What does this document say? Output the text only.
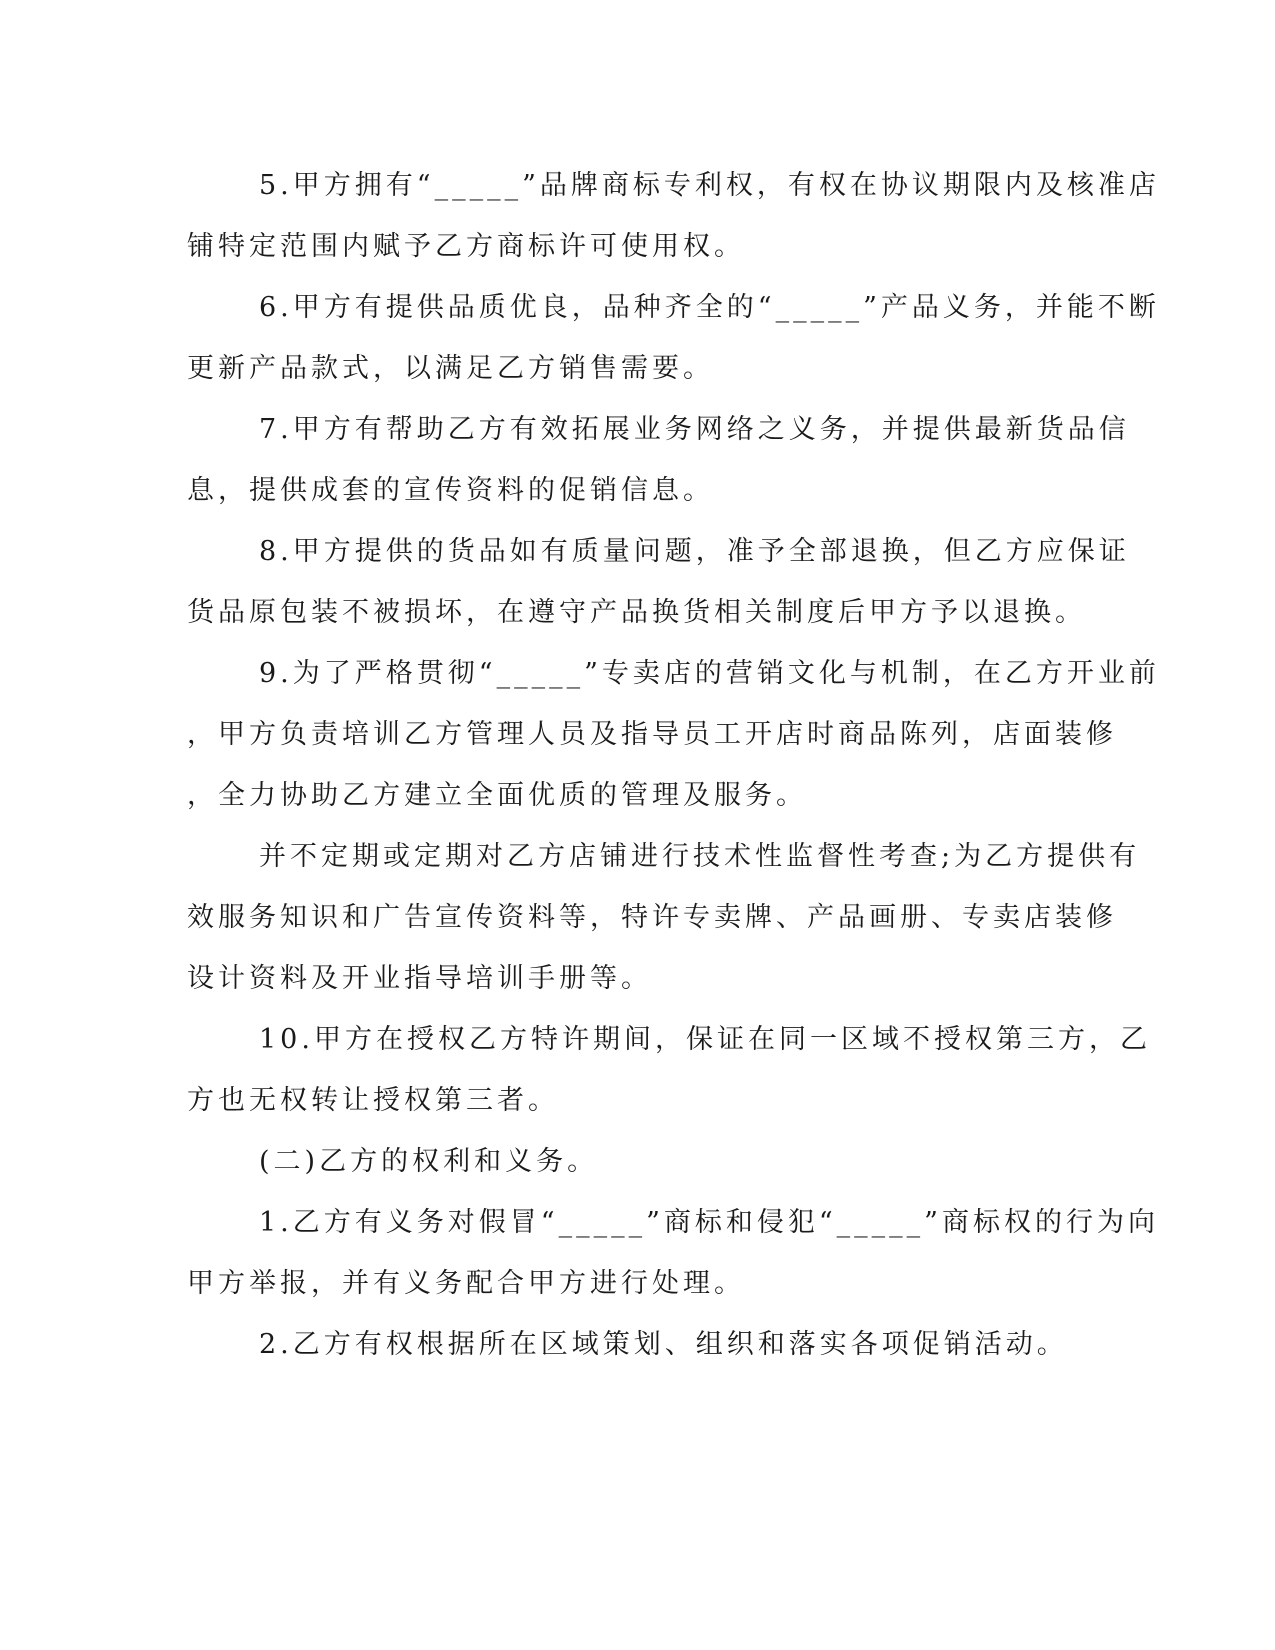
5.甲方拥有“_____”品牌商标专利权，有权在协议期限内及核准店
铺特定范围内赋予乙方商标许可使用权。
6.甲方有提供品质优良，品种齐全的“_____”产品义务，并能不断
更新产品款式，以满足乙方销售需要。
7.甲方有帮助乙方有效拓展业务网络之义务，并提供最新货品信
息，提供成套的宣传资料的促销信息。
8.甲方提供的货品如有质量问题，准予全部退换，但乙方应保证
货品原包装不被损坏，在遵守产品换货相关制度后甲方予以退换。
9.为了严格贯彻“_____”专卖店的营销文化与机制，在乙方开业前
，甲方负责培训乙方管理人员及指导员工开店时商品陈列，店面装修
，全力协助乙方建立全面优质的管理及服务。
并不定期或定期对乙方店铺进行技术性监督性考查;为乙方提供有
效服务知识和广告宣传资料等，特许专卖牌、产品画册、专卖店装修
设计资料及开业指导培训手册等。
10.甲方在授权乙方特许期间，保证在同一区域不授权第三方，乙
方也无权转让授权第三者。
(二)乙方的权利和义务。
1.乙方有义务对假冒“_____”商标和侵犯“_____”商标权的行为向
甲方举报，并有义务配合甲方进行处理。
2.乙方有权根据所在区域策划、组织和落实各项促销活动。
